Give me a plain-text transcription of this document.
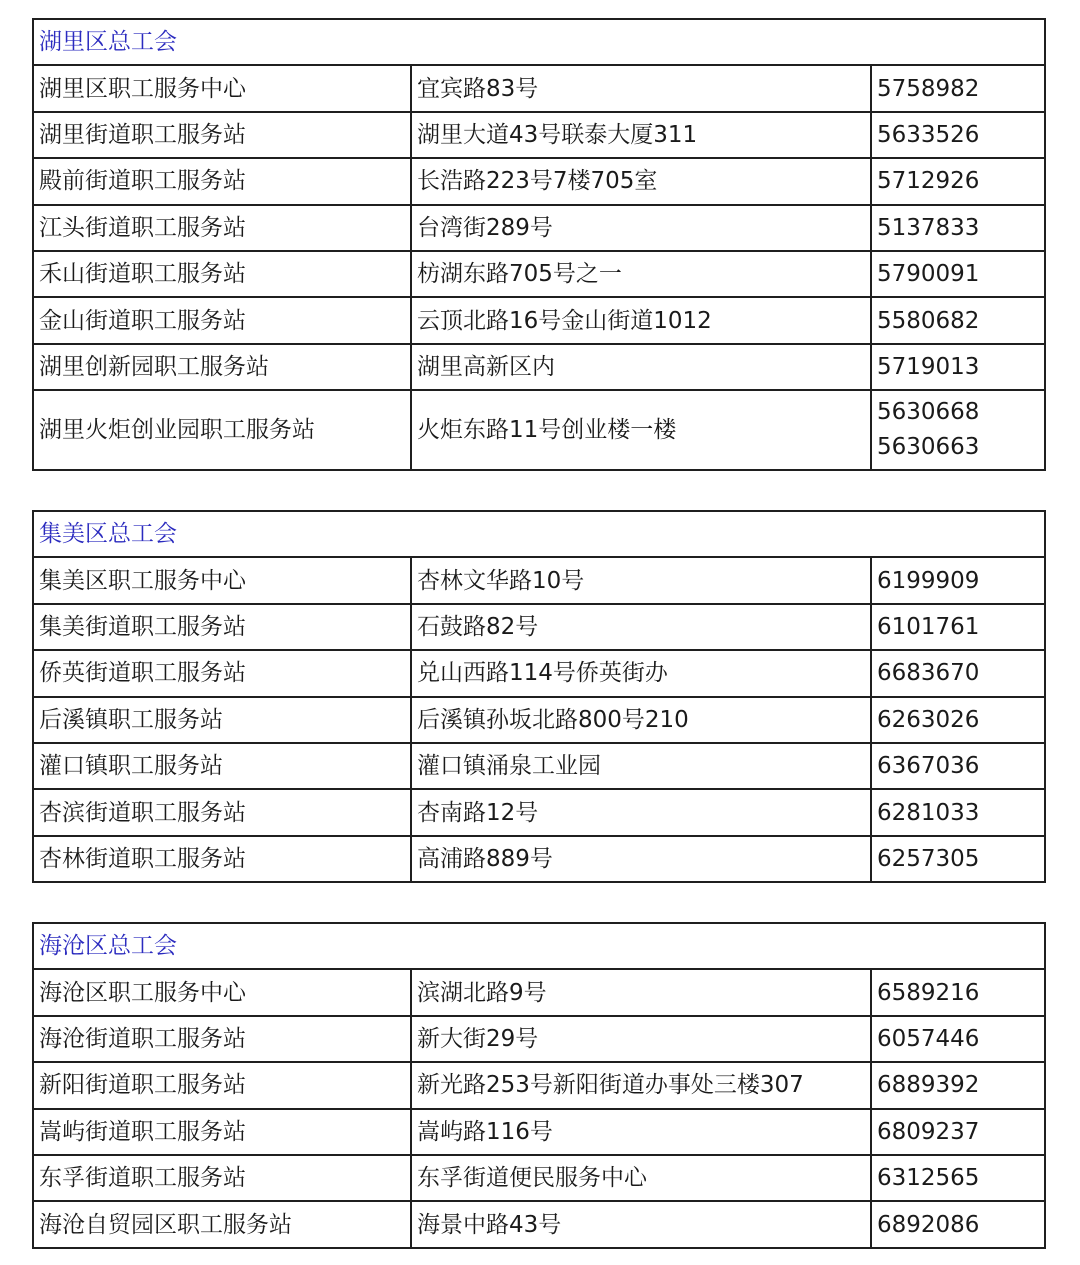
湖里区总工会		
湖里区职工服务中心	宜宾路83号	5758982
湖里街道职工服务站	湖里大道43号联泰大厦311	5633526
殿前街道职工服务站	长浩路223号7楼705室	5712926
江头街道职工服务站	台湾街289号	5137833
禾山街道职工服务站	枋湖东路705号之一	5790091
金山街道职工服务站	云顶北路16号金山街道1012	5580682
湖里创新园职工服务站	湖里高新区内	5719013
湖里火炬创业园职工服务站	火炬东路11号创业楼一楼	5630668
5630663
集美区总工会		
集美区职工服务中心	杏林文华路10号	6199909
集美街道职工服务站	石鼓路82号	6101761
侨英街道职工服务站	兑山西路114号侨英街办	6683670
后溪镇职工服务站	后溪镇孙坂北路800号210	6263026
灌口镇职工服务站	灌口镇涌泉工业园	6367036
杏滨街道职工服务站	杏南路12号	6281033
杏林街道职工服务站	高浦路889号	6257305
海沧区总工会		
海沧区职工服务中心	滨湖北路9号	6589216
海沧街道职工服务站	新大街29号	6057446
新阳街道职工服务站	新光路253号新阳街道办事处三楼307	6889392
嵩屿街道职工服务站	嵩屿路116号	6809237
东孚街道职工服务站	东孚街道便民服务中心	6312565
海沧自贸园区职工服务站	海景中路43号	6892086
